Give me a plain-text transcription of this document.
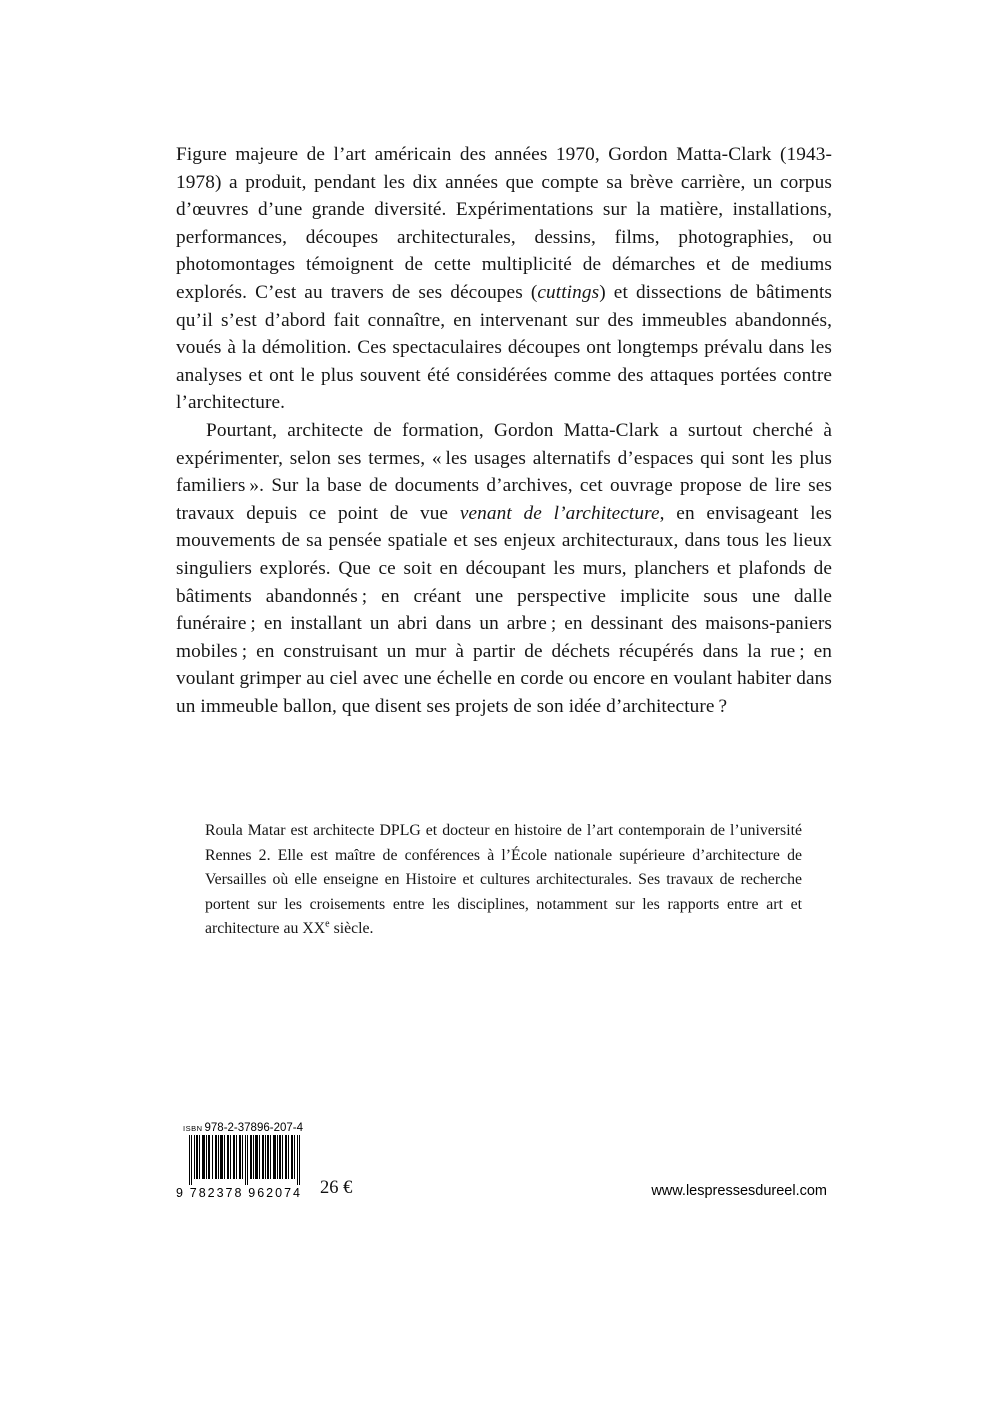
Figure majeure de l’art américain des années 1970, Gordon Matta-Clark (1943-1978) a produit, pendant les dix années que compte sa brève carrière, un corpus d’œuvres d’une grande diversité. Expérimentations sur la matière, installations, performances, découpes architecturales, dessins, films, photographies, ou photomontages témoignent de cette multiplicité de démarches et de mediums explorés. C’est au travers de ses découpes (cuttings) et dissections de bâtiments qu’il s’est d’abord fait connaître, en intervenant sur des immeubles abandonnés, voués à la démolition. Ces spectaculaires découpes ont longtemps prévalu dans les analyses et ont le plus souvent été considérées comme des attaques portées contre l’architecture.

Pourtant, architecte de formation, Gordon Matta-Clark a surtout cherché à expérimenter, selon ses termes, « les usages alternatifs d’espaces qui sont les plus familiers ». Sur la base de documents d’archives, cet ouvrage propose de lire ses travaux depuis ce point de vue venant de l’architecture, en envisageant les mouvements de sa pensée spatiale et ses enjeux architecturaux, dans tous les lieux singuliers explorés. Que ce soit en découpant les murs, planchers et plafonds de bâtiments abandonnés ; en créant une perspective implicite sous une dalle funéraire ; en installant un abri dans un arbre ; en dessinant des maisons-paniers mobiles ; en construisant un mur à partir de déchets récupérés dans la rue ; en voulant grimper au ciel avec une échelle en corde ou encore en voulant habiter dans un immeuble ballon, que disent ses projets de son idée d’architecture ?

Roula Matar est architecte DPLG et docteur en histoire de l’art contemporain de l’université Rennes 2. Elle est maître de conférences à l’École nationale supérieure d’architecture de Versailles où elle enseigne en Histoire et cultures architecturales. Ses travaux de recherche portent sur les croisements entre les disciplines, notamment sur les rapports entre art et architecture au XXe siècle.

ISBN 978-2-37896-207-4
9 782378 962074 26 €	www.lespressesdureel.com
